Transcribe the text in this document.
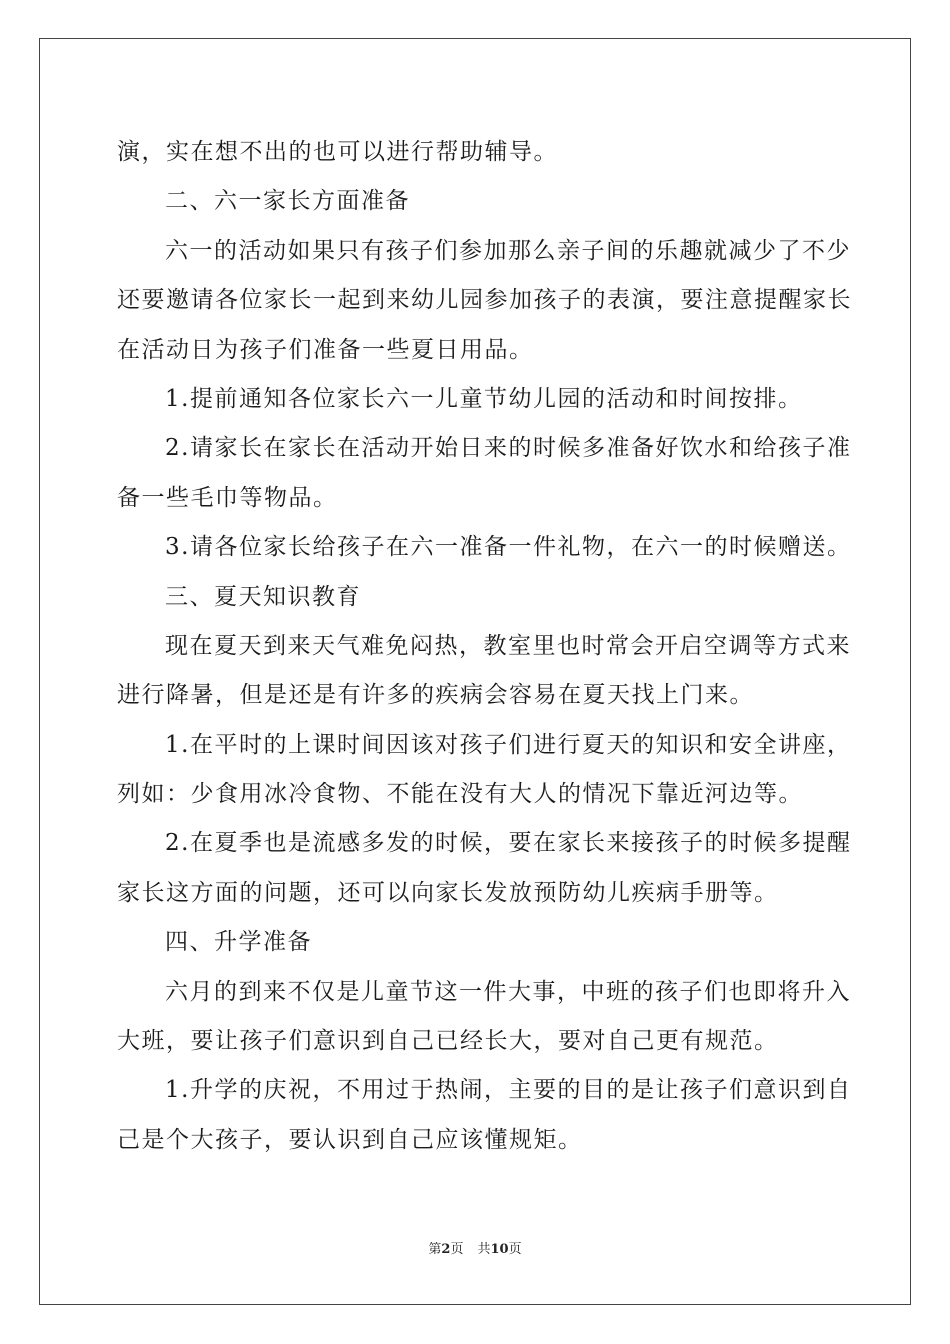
演，实在想不出的也可以进行帮助辅导。
二、六一家长方面准备
六一的活动如果只有孩子们参加那么亲子间的乐趣就减少了不少
还要邀请各位家长一起到来幼儿园参加孩子的表演，要注意提醒家长
在活动日为孩子们准备一些夏日用品。
1.提前通知各位家长六一儿童节幼儿园的活动和时间按排。
2.请家长在家长在活动开始日来的时候多准备好饮水和给孩子准
备一些毛巾等物品。
3.请各位家长给孩子在六一准备一件礼物，在六一的时候赠送。
三、夏天知识教育
现在夏天到来天气难免闷热，教室里也时常会开启空调等方式来
进行降暑，但是还是有许多的疾病会容易在夏天找上门来。
1.在平时的上课时间因该对孩子们进行夏天的知识和安全讲座，
列如：少食用冰冷食物、不能在没有大人的情况下靠近河边等。
2.在夏季也是流感多发的时候，要在家长来接孩子的时候多提醒
家长这方面的问题，还可以向家长发放预防幼儿疾病手册等。
四、升学准备
六月的到来不仅是儿童节这一件大事，中班的孩子们也即将升入
大班，要让孩子们意识到自己已经长大，要对自己更有规范。
1.升学的庆祝，不用过于热闹，主要的目的是让孩子们意识到自
己是个大孩子，要认识到自己应该懂规矩。
第2页 共10页
